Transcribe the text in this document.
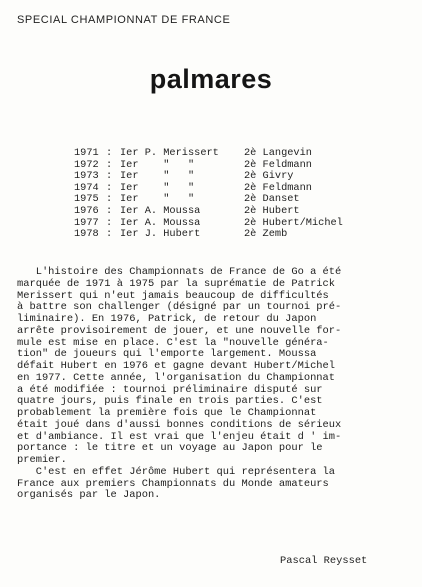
SPECIAL CHAMPIONNAT DE FRANCE
palmares
1971 : Ier P. Merissert	2è Langevin
1972 : Ier    "   "	2è Feldmann
1973 : Ier    "   "	2è Givry
1974 : Ier    "   "	2è Feldmann
1975 : Ier    "   "	2è Danset
1976 : Ier A. Moussa	2è Hubert
1977 : Ier A. Moussa	2è Hubert/Michel
1978 : Ier J. Hubert	2è Zemb
L'histoire des Championnats de France de Go a été
marquée de 1971 à 1975 par la suprématie de Patrick
Merissert qui n'eut jamais beaucoup de difficultés
à battre son challenger (désigné par un tournoi pré-
liminaire). En 1976, Patrick, de retour du Japon
arrête provisoirement de jouer, et une nouvelle for-
mule est mise en place. C'est la "nouvelle généra-
tion" de joueurs qui l'emporte largement. Moussa
défait Hubert en 1976 et gagne devant Hubert/Michel
en 1977. Cette année, l'organisation du Championnat
a été modifiée : tournoi préliminaire disputé sur
quatre jours, puis finale en trois parties. C'est
probablement la première fois que le Championnat
était joué dans d'aussi bonnes conditions de sérieux
et d'ambiance. Il est vrai que l'enjeu était d ' im-
portance : le titre et un voyage au Japon pour le
premier.
C'est en effet Jérôme Hubert qui représentera la
France aux premiers Championnats du Monde amateurs
organisés par le Japon.
Pascal Reysset
